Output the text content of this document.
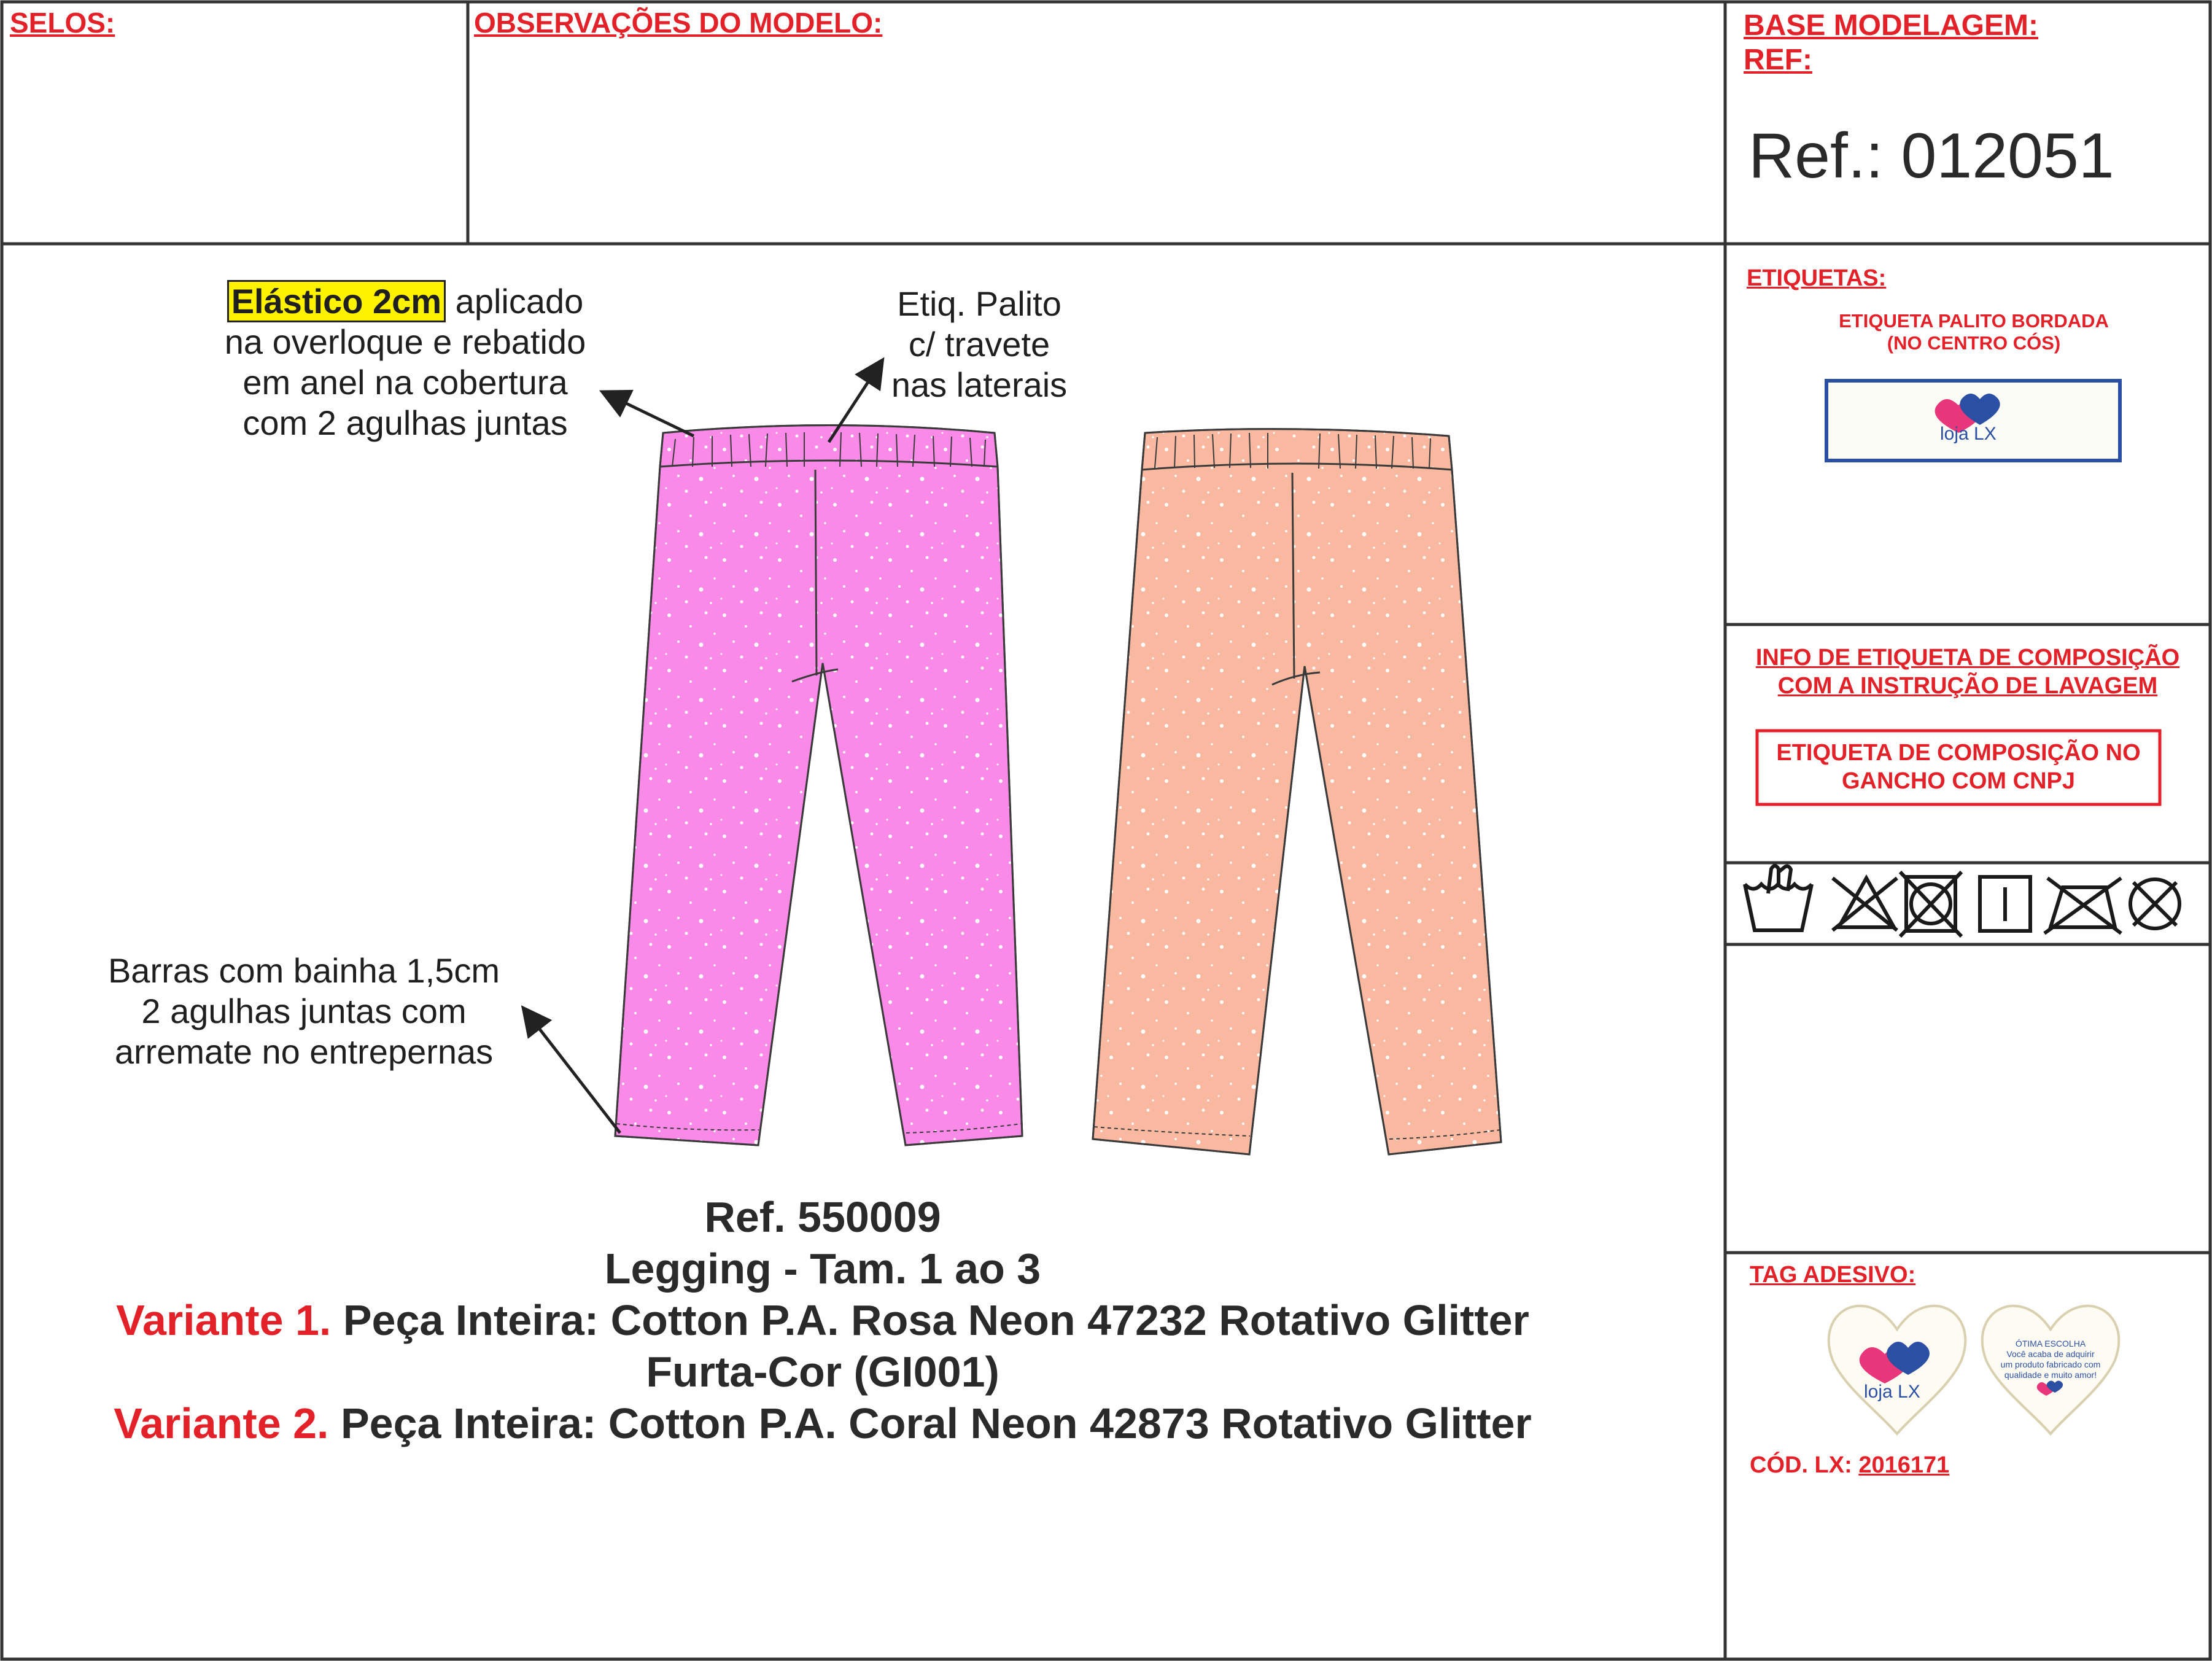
SELOS:	OBSERVAÇÕES DO MODELO:	BASE MODELAGEM:
REF:
Ref.: 012051
Elástico 2cm aplicado
na overloque e rebatido
em anel na cobertura
com 2 agulhas juntas
Etiq. Palito
c/ travete
nas laterais
Barras com bainha 1,5cm
2 agulhas juntas com
arremate no entrepernas
Ref. 550009
Legging - Tam. 1 ao 3
Variante 1. Peça Inteira: Cotton P.A. Rosa Neon 47232 Rotativo Glitter
Furta-Cor (GI001)
Variante 2. Peça Inteira: Cotton P.A. Coral Neon 42873 Rotativo Glitter
ETIQUETAS:
ETIQUETA PALITO BORDADA
(NO CENTRO CÓS)
loja LX
INFO DE ETIQUETA DE COMPOSIÇÃO
COM A INSTRUÇÃO DE LAVAGEM
ETIQUETA DE COMPOSIÇÃO NO
GANCHO COM CNPJ
TAG ADESIVO:
loja LX
ÓTIMA ESCOLHA
Você acaba de adquirir
um produto fabricado com
qualidade e muito amor!
CÓD. LX: 2016171
